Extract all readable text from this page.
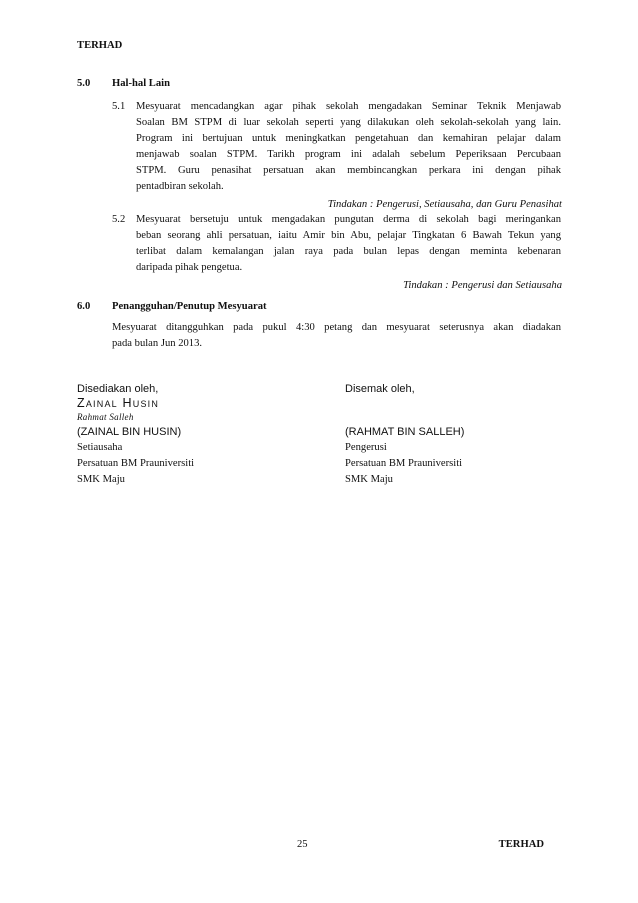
TERHAD
5.0 Hal-hal Lain
5.1 Mesyuarat mencadangkan agar pihak sekolah mengadakan Seminar Teknik Menjawab
Soalan BM STPM di luar sekolah seperti yang dilakukan oleh sekolah-sekolah yang lain.
Program ini bertujuan untuk meningkatkan pengetahuan dan kemahiran pelajar dalam
menjawab soalan STPM. Tarikh program ini adalah sebelum Peperiksaan Percubaan
STPM. Guru penasihat persatuan akan membincangkan perkara ini dengan pihak
pentadbiran sekolah.
Tindakan : Pengerusi, Setiausaha, dan Guru Penasihat
5.2 Mesyuarat bersetuju untuk mengadakan pungutan derma di sekolah bagi meringankan
beban seorang ahli persatuan, iaitu Amir bin Abu, pelajar Tingkatan 6 Bawah Tekun yang
terlibat dalam kemalangan jalan raya pada bulan lepas dengan meminta kebenaran
daripada pihak pengetua.
Tindakan : Pengerusi dan Setiausaha
6.0 Penangguhan/Penutup Mesyuarat
Mesyuarat ditangguhkan pada pukul 4:30 petang dan mesyuarat seterusnya akan diadakan
pada bulan Jun 2013.
Disediakan oleh,
Zainal Husin
Rahmat Salleh
(ZAINAL BIN HUSIN)
Setiausaha
Persatuan BM Prauniversiti
SMK Maju
Disemak oleh,
(RAHMAT BIN SALLEH)
Pengerusi
Persatuan BM Prauniversiti
SMK Maju
25	TERHAD
